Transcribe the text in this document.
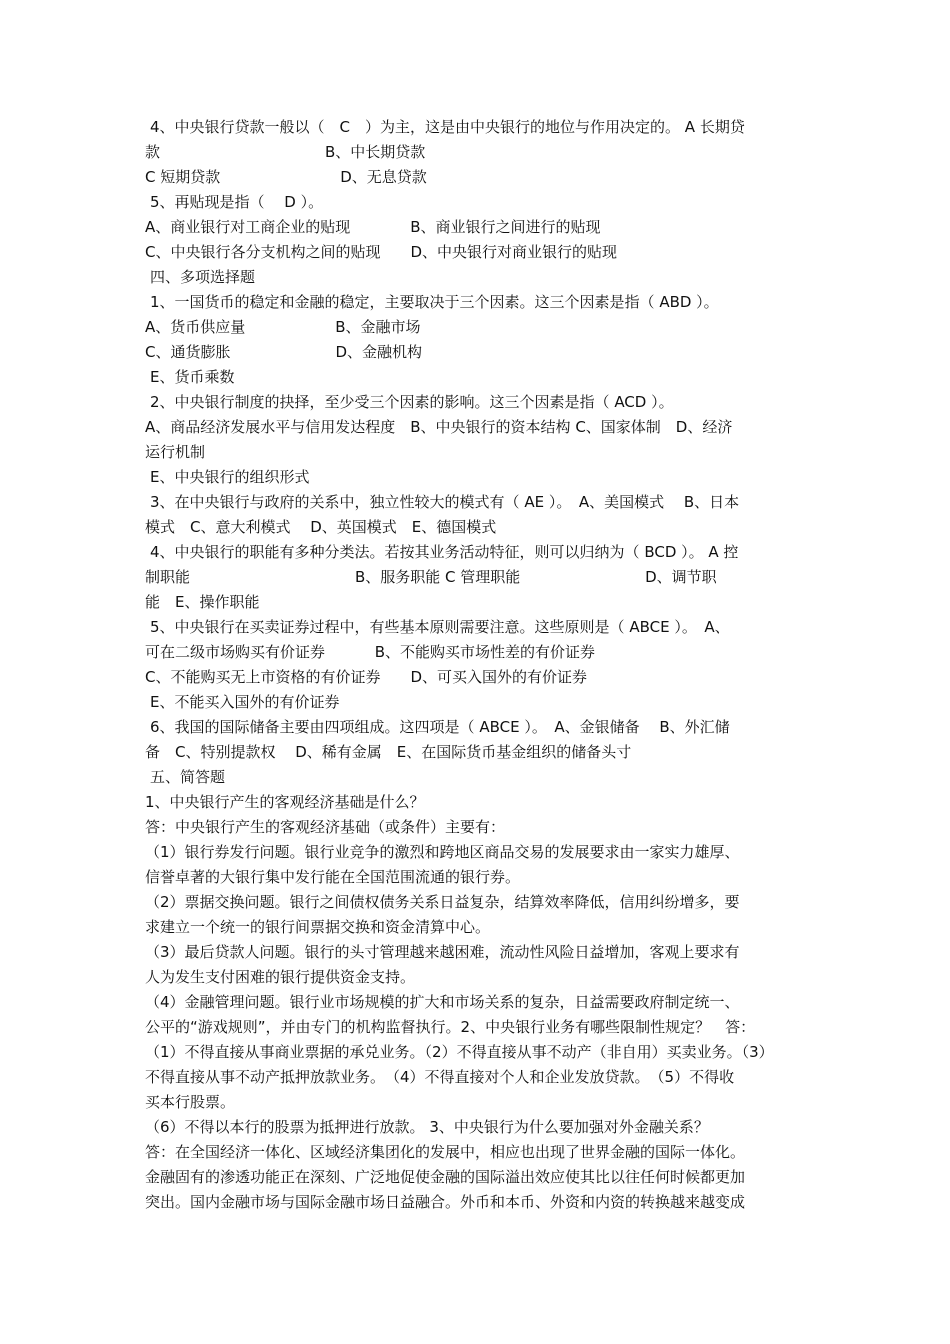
4、中央银行贷款一般以（　C　）为主，这是由中央银行的地位与作用决定的。 A 长期贷
款　　　　　　　　　　　B、中长期贷款
C 短期贷款　　　　　　　　D、无息贷款
5、再贴现是指（　 D ）。
A、商业银行对工商企业的贴现　　　　B、商业银行之间进行的贴现
C、中央银行各分支机构之间的贴现　　D、中央银行对商业银行的贴现
四、多项选择题
1、一国货币的稳定和金融的稳定，主要取决于三个因素。这三个因素是指（ ABD ）。
A、货币供应量　　　　　　B、金融市场
C、通货膨胀　　　　　　　D、金融机构
E、货币乘数
2、中央银行制度的抉择，至少受三个因素的影响。这三个因素是指（ ACD ）。
A、商品经济发展水平与信用发达程度　B、中央银行的资本结构 C、国家体制　D、经济
运行机制
E、中央银行的组织形式
3、在中央银行与政府的关系中，独立性较大的模式有（ AE ）。　A、美国模式　 B、日本
模式　C、意大利模式　 D、英国模式　E、德国模式
4、中央银行的职能有多种分类法。若按其业务活动特征，则可以归纳为（ BCD ）。 A 控
制职能　　　　　　　　　　　B、服务职能 C 管理职能　　　　　　　　 D、调节职
能　E、操作职能
5、中央银行在买卖证券过程中，有些基本原则需要注意。这些原则是（ ABCE ）。　A、
可在二级市场购买有价证券　　　 B、不能购买市场性差的有价证券
C、不能购买无上市资格的有价证券　　D、可买入国外的有价证券
E、不能买入国外的有价证券
6、我国的国际储备主要由四项组成。这四项是（ ABCE ）。　A、金银储备　 B、外汇储
备　C、特别提款权　 D、稀有金属　E、在国际货币基金组织的储备头寸
五、简答题
1、中央银行产生的客观经济基础是什么？
答：中央银行产生的客观经济基础（或条件）主要有：
（1）银行券发行问题。银行业竞争的激烈和跨地区商品交易的发展要求由一家实力雄厚、
信誉卓著的大银行集中发行能在全国范围流通的银行券。
（2）票据交换问题。银行之间债权债务关系日益复杂，结算效率降低，信用纠纷增多，要
求建立一个统一的银行间票据交换和资金清算中心。
（3）最后贷款人问题。银行的头寸管理越来越困难，流动性风险日益增加，客观上要求有
人为发生支付困难的银行提供资金支持。
（4）金融管理问题。银行业市场规模的扩大和市场关系的复杂，日益需要政府制定统一、
公平的“游戏规则”，并由专门的机构监督执行。2、中央银行业务有哪些限制性规定？　答：
（1）不得直接从事商业票据的承兑业务。（2）不得直接从事不动产（非自用）买卖业务。（3）
不得直接从事不动产抵押放款业务。　（4）不得直接对个人和企业发放贷款。　（5）不得收
买本行股票。
（6）不得以本行的股票为抵押进行放款。 3、中央银行为什么要加强对外金融关系？
答：在全国经济一体化、区域经济集团化的发展中，相应也出现了世界金融的国际一体化。
金融固有的渗透功能正在深刻、广泛地促使金融的国际溢出效应使其比以往任何时候都更加
突出。国内金融市场与国际金融市场日益融合。外币和本币、外资和内资的转换越来越变成
